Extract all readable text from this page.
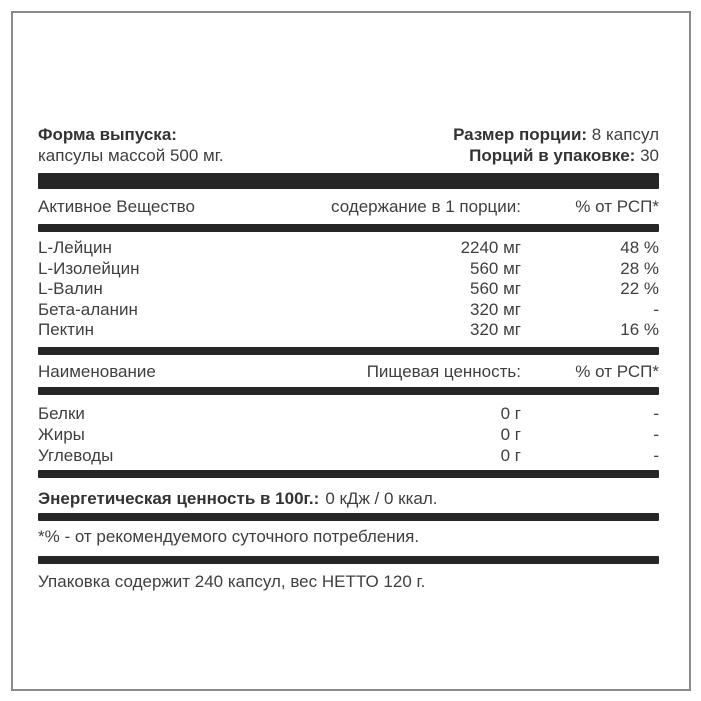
Форма выпуска:
капсулы массой 500 мг.
Размер порции: 8 капсул
Порций в упаковке: 30
Активное Вещество	содержание в 1 порции:	% от РСП*
L-Лейцин	2240 мг	48 %
L-Изолейцин	560 мг	28 %
L-Валин	560 мг	22 %
Бета-аланин	320 мг	-
Пектин	320 мг	16 %
Наименование	Пищевая ценность:	% от РСП*
Белки	0 г	-
Жиры	0 г	-
Углеводы	0 г	-
Энергетическая ценность в 100г.: 0 кДж / 0 ккал.
*% - от рекомендуемого суточного потребления.
Упаковка содержит 240 капсул, вес НЕТТО 120 г.
